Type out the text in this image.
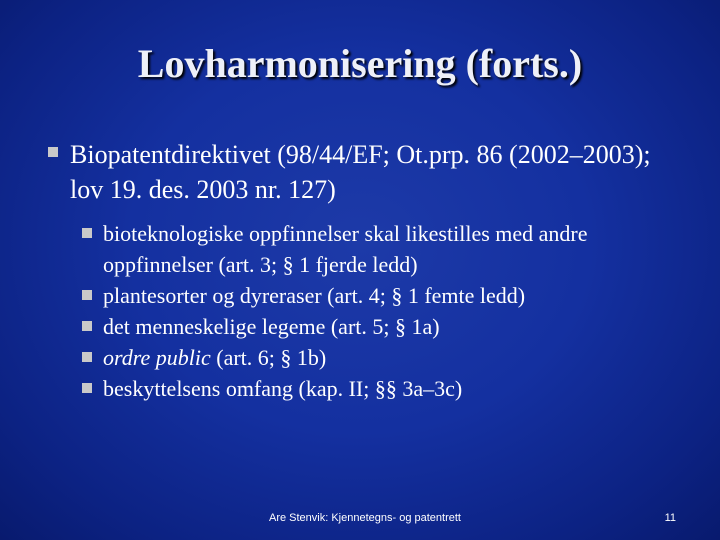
Lovharmonisering (forts.)
Biopatentdirektivet (98/44/EF; Ot.prp. 86 (2002–2003); lov 19. des. 2003 nr. 127)
bioteknologiske oppfinnelser skal likestilles med andre oppfinnelser (art. 3; § 1 fjerde ledd)
plantesorter og dyreraser (art. 4; § 1 femte ledd)
det menneskelige legeme (art. 5; § 1a)
ordre public (art. 6; § 1b)
beskyttelsens omfang (kap. II; §§ 3a–3c)
Are Stenvik: Kjennetegns- og patentrett	11
